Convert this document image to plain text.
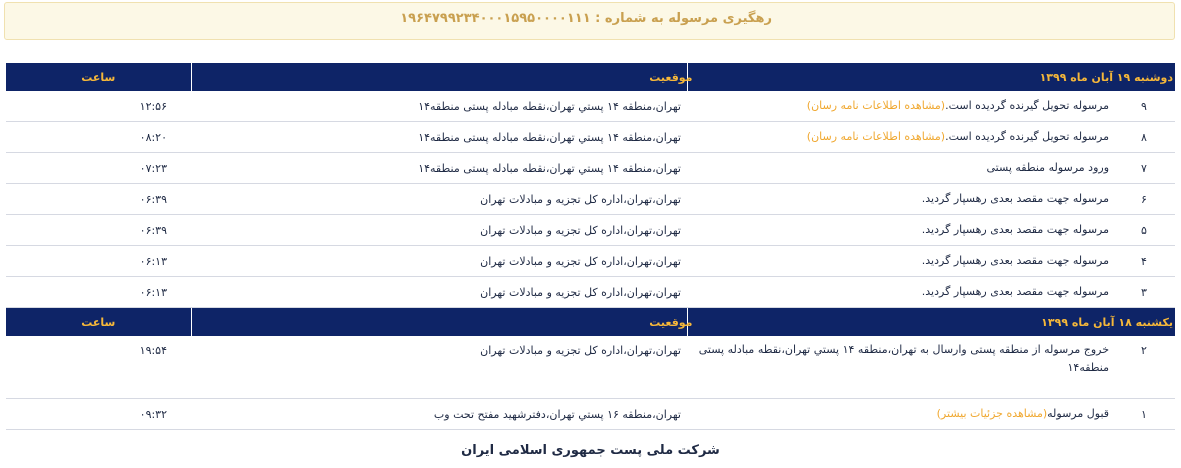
رهگیری مرسوله به شماره : ۱۹۶۴۷۹۹۲۳۴۰۰۰۱۵۹۵۰۰۰۰۱۱۱
دوشنبه ۱۹ آبان ماه ۱۳۹۹		موقعیت	ساعت
۹	مرسوله تحویل گیرنده گردیده است.(مشاهده اطلاعات نامه رسان)	تهران،منطقه ۱۴ پستي تهران،نقطه مبادله پستی منطقه۱۴	۱۲:۵۶
۸	مرسوله تحویل گیرنده گردیده است.(مشاهده اطلاعات نامه رسان)	تهران،منطقه ۱۴ پستي تهران،نقطه مبادله پستی منطقه۱۴	۰۸:۲۰
۷	ورود مرسوله منطقه پستی	تهران،منطقه ۱۴ پستي تهران،نقطه مبادله پستی منطقه۱۴	۰۷:۲۳
۶	مرسوله جهت مقصد بعدی رهسپار گردید.	تهران،تهران،اداره کل تجزیه و مبادلات تهران	۰۶:۳۹
۵	مرسوله جهت مقصد بعدی رهسپار گردید.	تهران،تهران،اداره کل تجزیه و مبادلات تهران	۰۶:۳۹
۴	مرسوله جهت مقصد بعدی رهسپار گردید.	تهران،تهران،اداره کل تجزیه و مبادلات تهران	۰۶:۱۳
۳	مرسوله جهت مقصد بعدی رهسپار گردید.	تهران،تهران،اداره کل تجزیه و مبادلات تهران	۰۶:۱۳
یکشنبه ۱۸ آبان ماه ۱۳۹۹		موقعیت	ساعت
۲	خروج مرسوله از منطقه پستی وارسال به تهران،منطقه ۱۴ پستي تهران،نقطه مبادله پستی منطقه۱۴	تهران،تهران،اداره کل تجزیه و مبادلات تهران	۱۹:۵۴
۱	قبول مرسوله(مشاهده جزئیات بیشتر)	تهران،منطقه ۱۶ پستي تهران،دفترشهید مفتح تحت وب	۰۹:۳۲
شرکت ملی پست جمهوری اسلامی ایران
